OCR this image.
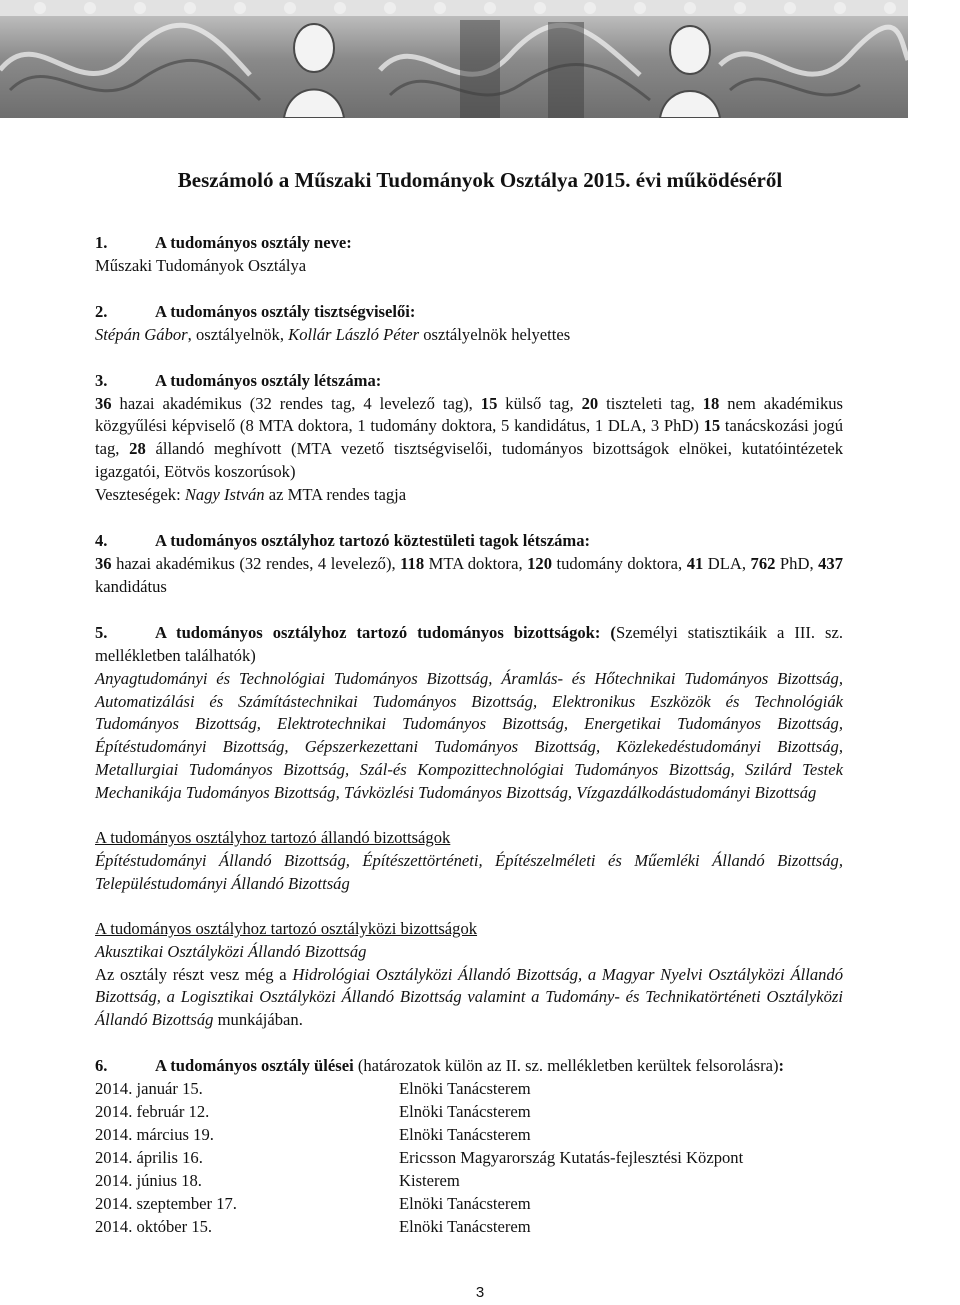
Beszámoló a Műszaki Tudományok Osztálya 2015. évi működéséről
1.	A tudományos osztály neve:
Műszaki Tudományok Osztálya
2.	A tudományos osztály tisztségviselői:
Stépán Gábor, osztályelnök, Kollár László Péter osztályelnök helyettes
3.	A tudományos osztály létszáma:
36 hazai akadémikus (32 rendes tag, 4 levelező tag), 15 külső tag, 20 tiszteleti tag, 18 nem akadémikus közgyűlési képviselő (8 MTA doktora, 1 tudomány doktora, 5 kandidátus, 1 DLA, 3 PhD) 15 tanácskozási jogú tag, 28 állandó meghívott (MTA vezető tisztségviselői, tudományos bizottságok elnökei, kutatóintézetek igazgatói, Eötvös koszorúsok)
Veszteségek: Nagy István az MTA rendes tagja
4.	A tudományos osztályhoz tartozó köztestületi tagok létszáma:
36 hazai akadémikus (32 rendes, 4 levelező), 118 MTA doktora, 120 tudomány doktora, 41 DLA, 762 PhD, 437 kandidátus
5.	A tudományos osztályhoz tartozó tudományos bizottságok: (Személyi statisztikáik a III. sz. mellékletben találhatók)
Anyagtudományi és Technológiai Tudományos Bizottság, Áramlás- és Hőtechnikai Tudományos Bizottság, Automatizálási és Számítástechnikai Tudományos Bizottság, Elektronikus Eszközök és Technológiák Tudományos Bizottság, Elektrotechnikai Tudományos Bizottság, Energetikai Tudományos Bizottság, Építéstudományi Bizottság, Gépszerkezettani Tudományos Bizottság, Közlekedéstudományi Bizottság, Metallurgiai Tudományos Bizottság, Szál-és Kompozittechnológiai Tudományos Bizottság, Szilárd Testek Mechanikája Tudományos Bizottság, Távközlési Tudományos Bizottság, Vízgazdálkodástudományi Bizottság
A tudományos osztályhoz tartozó állandó bizottságok
Építéstudományi Állandó Bizottság, Építészettörténeti, Építészelméleti és Műemléki Állandó Bizottság, Településtudományi Állandó Bizottság
A tudományos osztályhoz tartozó osztályközi bizottságok
Akusztikai Osztályközi Állandó Bizottság
Az osztály részt vesz még a Hidrológiai Osztályközi Állandó Bizottság, a Magyar Nyelvi Osztályközi Állandó Bizottság, a Logisztikai Osztályközi Állandó Bizottság valamint a Tudomány- és Technikatörténeti Osztályközi Állandó Bizottság munkájában.
6.	A tudományos osztály ülései (határozatok külön az II. sz. mellékletben kerültek felsorolásra):
2014. január 15.	Elnöki Tanácsterem
2014. február 12.	Elnöki Tanácsterem
2014. március 19.	Elnöki Tanácsterem
2014. április 16.	Ericsson Magyarország Kutatás-fejlesztési Központ
2014. június 18.	Kisterem
2014. szeptember 17.	Elnöki Tanácsterem
2014. október 15.	Elnöki Tanácsterem
3
